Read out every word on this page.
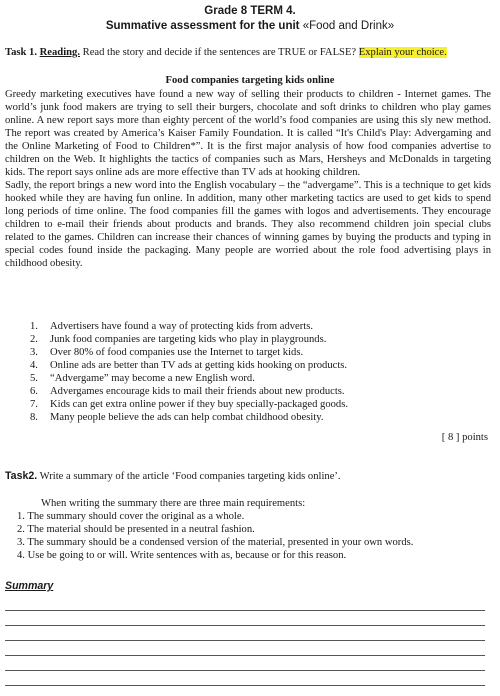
Grade 8 TERM 4.
Summative assessment for the unit «Food and Drink»
Task 1. Reading. Read the story and decide if the sentences are TRUE or FALSE? Explain your choice.
Food companies targeting kids online

Greedy marketing executives have found a new way of selling their products to children - Internet games. The world’s junk food makers are trying to sell their burgers, chocolate and soft drinks to children who play games online. A new report says more than eighty percent of the world’s food companies are using this sly new method. The report was created by America’s Kaiser Family Foundation. It is called “It's Child's Play: Advergaming and the Online Marketing of Food to Children*”. It is the first major analysis of how food companies advertise to children on the Web. It highlights the tactics of companies such as Mars, Hersheys and McDonalds in targeting kids. The report says online ads are more effective than TV ads at hooking children.

Sadly, the report brings a new word into the English vocabulary – the “advergame”. This is a technique to get kids hooked while they are having fun online. In addition, many other marketing tactics are used to get kids to spend long periods of time online. The food companies fill the games with logos and advertisements. They encourage children to e-mail their friends about products and brands. They also recommend children join special clubs related to the games. Children can increase their chances of winning games by buying the products and typing in special codes found inside the packaging. Many people are worried about the role food advertising plays in childhood obesity.

1. Advertisers have found a way of protecting kids from adverts.
2. Junk food companies are targeting kids who play in playgrounds.
3. Over 80% of food companies use the Internet to target kids.
4. Online ads are better than TV ads at getting kids hooking on products.
5. “Advergame” may become a new English word.
6. Advergames encourage kids to mail their friends about new products.
7. Kids can get extra online power if they buy specially-packaged goods.
8. Many people believe the ads can help combat childhood obesity.
[ 8 ] points
Task2. Write a summary of the article ‘Food companies targeting kids online’.
When writing the summary there are three main requirements:
1. The summary should cover the original as a whole.
2. The material should be presented in a neutral fashion.
3. The summary should be a condensed version of the material, presented in your own words.
4. Use be going to or will. Write sentences with as, because or for this reason.
Summary
